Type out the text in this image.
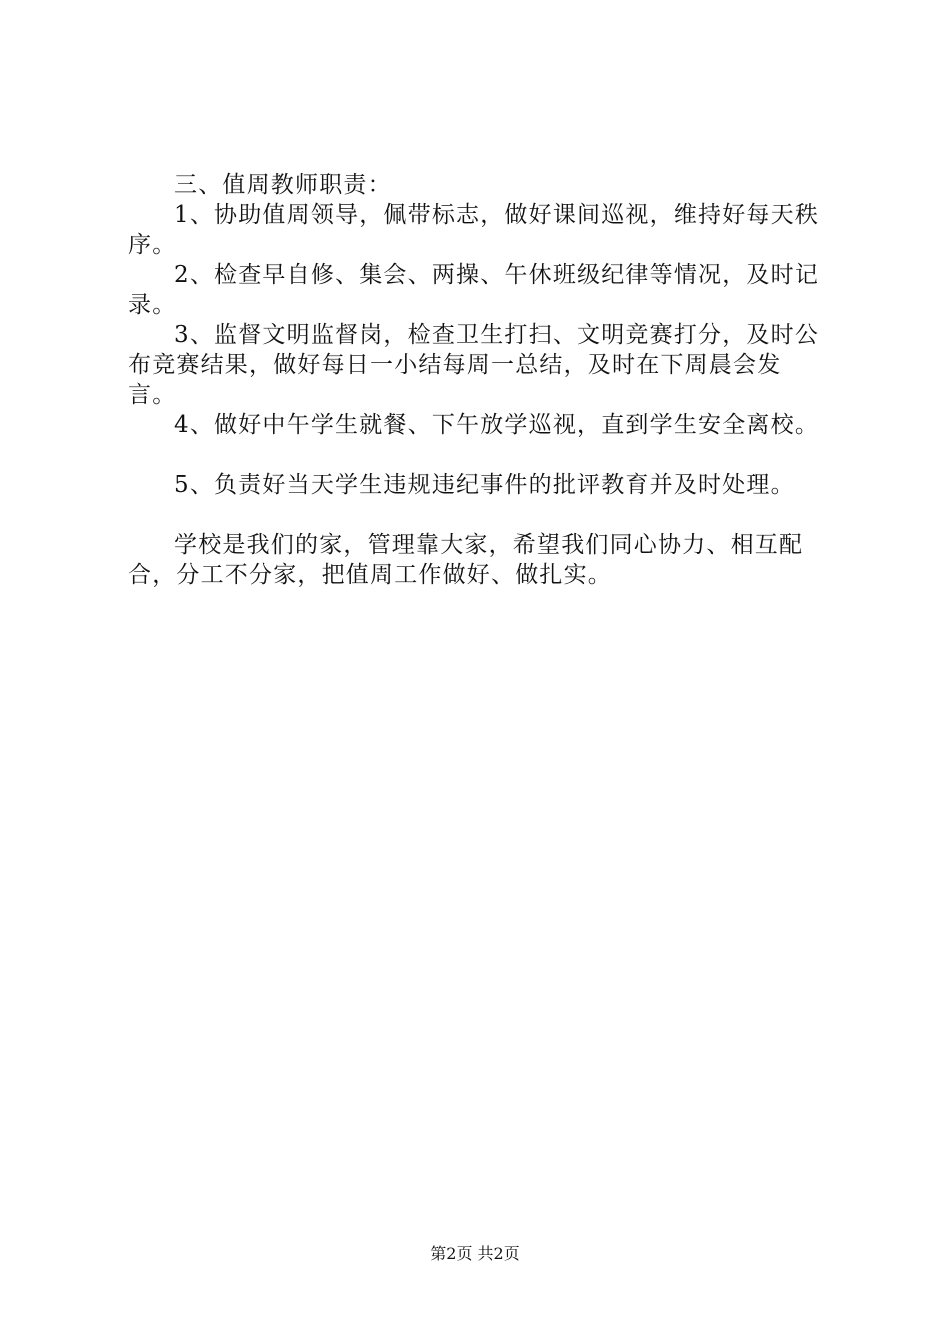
三、值周教师职责：

1、协助值周领导，佩带标志，做好课间巡视，维持好每天秩序。

2、检查早自修、集会、两操、午休班级纪律等情况，及时记录。

3、监督文明监督岗，检查卫生打扫、文明竞赛打分，及时公布竞赛结果，做好每日一小结每周一总结，及时在下周晨会发言。

4、做好中午学生就餐、下午放学巡视，直到学生安全离校。

5、负责好当天学生违规违纪事件的批评教育并及时处理。

学校是我们的家，管理靠大家，希望我们同心协力、相互配合，分工不分家，把值周工作做好、做扎实。

第2页 共2页
